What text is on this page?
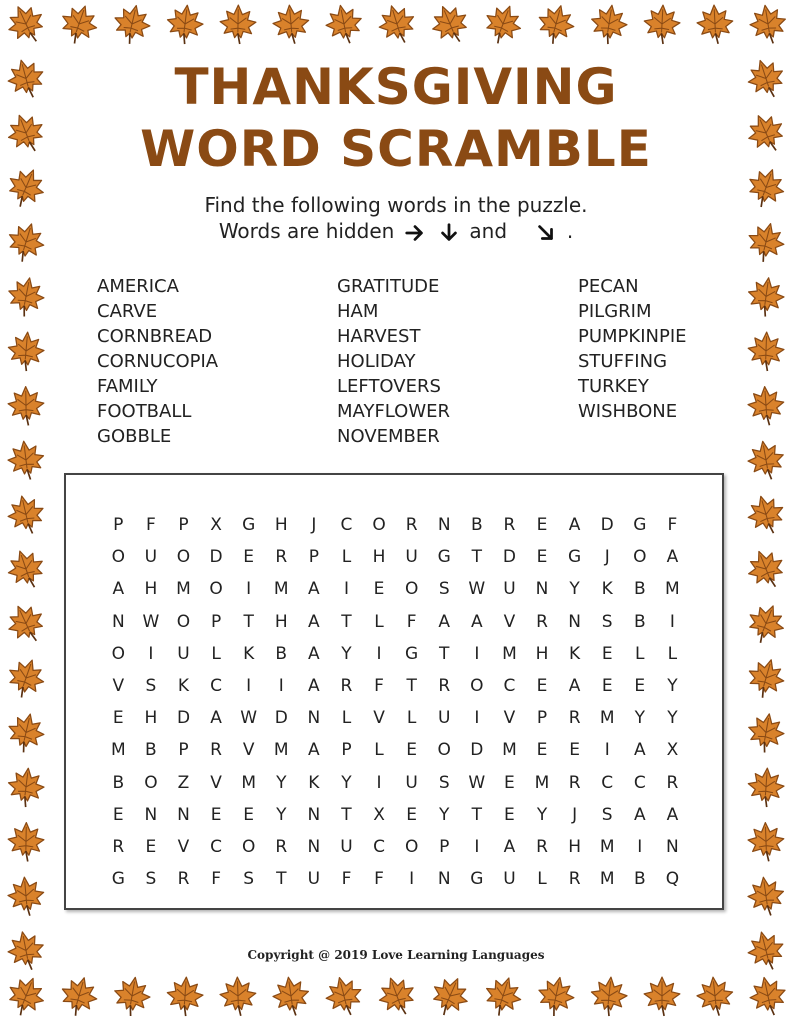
THANKSGIVING
WORD SCRAMBLE
Find the following words in the puzzle.
Words are hidden	and	.
AMERICA
CARVE
CORNBREAD
CORNUCOPIA
FAMILY
FOOTBALL
GOBBLE
GRATITUDE
HAM
HARVEST
HOLIDAY
LEFTOVERS
MAYFLOWER
NOVEMBER
PECAN
PILGRIM
PUMPKINPIE
STUFFING
TURKEY
WISHBONE
P	F	P	X	G	H	J	C	O	R	N	B	R	E	A	D	G	F
O	U	O	D	E	R	P	L	H	U	G	T	D	E	G	J	O	A
A	H	M	O	I	M	A	I	E	O	S	W	U	N	Y	K	B	M
N	W	O	P	T	H	A	T	L	F	A	A	V	R	N	S	B	I
O	I	U	L	K	B	A	Y	I	G	T	I	M	H	K	E	L	L
V	S	K	C	I	I	A	R	F	T	R	O	C	E	A	E	E	Y
E	H	D	A	W	D	N	L	V	L	U	I	V	P	R	M	Y	Y
M	B	P	R	V	M	A	P	L	E	O	D	M	E	E	I	A	X
B	O	Z	V	M	Y	K	Y	I	U	S	W	E	M	R	C	C	R
E	N	N	E	E	Y	N	T	X	E	Y	T	E	Y	J	S	A	A
R	E	V	C	O	R	N	U	C	O	P	I	A	R	H	M	I	N
G	S	R	F	S	T	U	F	F	I	N	G	U	L	R	M	B	Q
Copyright @ 2019 Love Learning Languages
